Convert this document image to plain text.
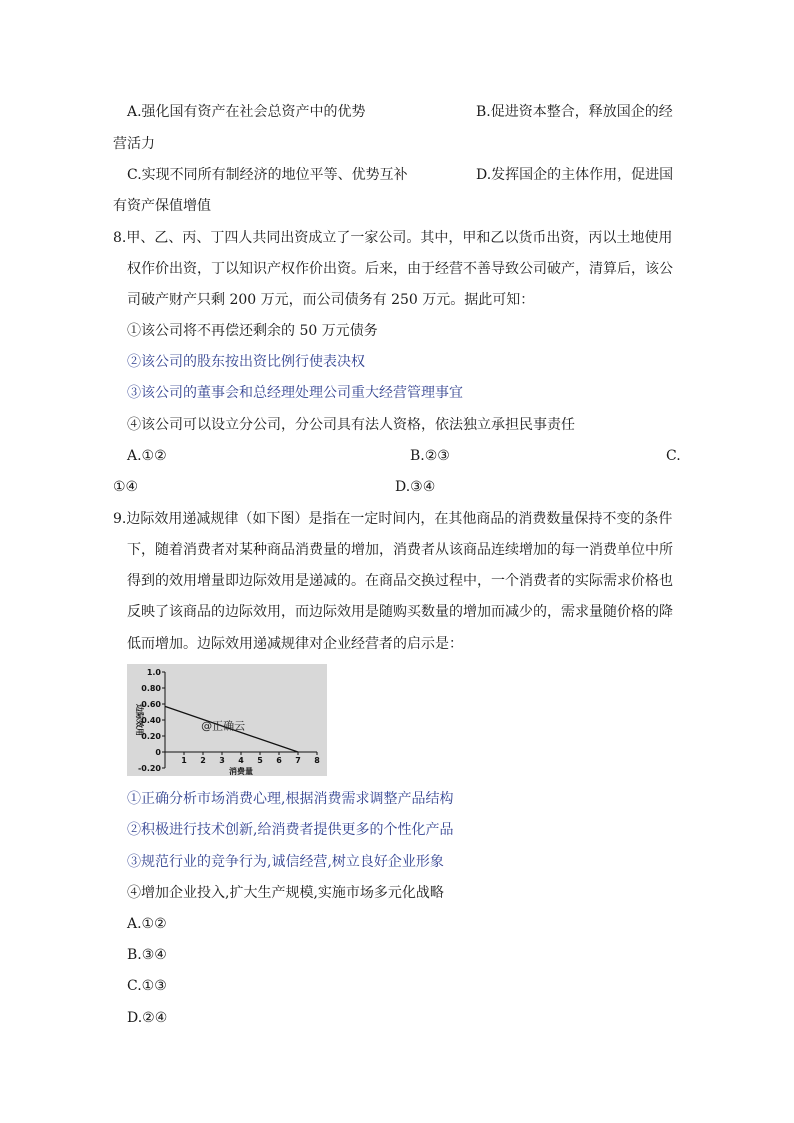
A.强化国有资产在社会总资产中的优势	B.促进资本整合，释放国企的经
营活力
C.实现不同所有制经济的地位平等、优势互补	D.发挥国企的主体作用，促进国
有资产保值增值
8.甲、乙、丙、丁四人共同出资成立了一家公司。其中，甲和乙以货币出资，丙以土地使用
权作价出资，丁以知识产权作价出资。后来，由于经营不善导致公司破产，清算后，该公
司破产财产只剩 200 万元，而公司债务有 250 万元。据此可知：
①该公司将不再偿还剩余的 50 万元债务
②该公司的股东按出资比例行使表决权
③该公司的董事会和总经理处理公司重大经营管理事宜
④该公司可以设立分公司，分公司具有法人资格，依法独立承担民事责任
A.①②	B.②③	C.
①④	D.③④
9.边际效用递减规律（如下图）是指在一定时间内，在其他商品的消费数量保持不变的条件
下，随着消费者对某种商品消费量的增加，消费者从该商品连续增加的每一消费单位中所
得到的效用增量即边际效用是递减的。在商品交换过程中，一个消费者的实际需求价格也
反映了该商品的边际效用，而边际效用是随购买数量的增加而减少的，需求量随价格的降
低而增加。边际效用递减规律对企业经营者的启示是：
1.0
0.80
0.60
0.40
0.20
0
-0.20
1 2 3 4 5 6 7 8
消费量
边际效用	@正确云
①正确分析市场消费心理,根据消费需求调整产品结构
②积极进行技术创新,给消费者提供更多的个性化产品
③规范行业的竞争行为,诚信经营,树立良好企业形象
④增加企业投入,扩大生产规模,实施市场多元化战略
A.①②
B.③④
C.①③
D.②④
